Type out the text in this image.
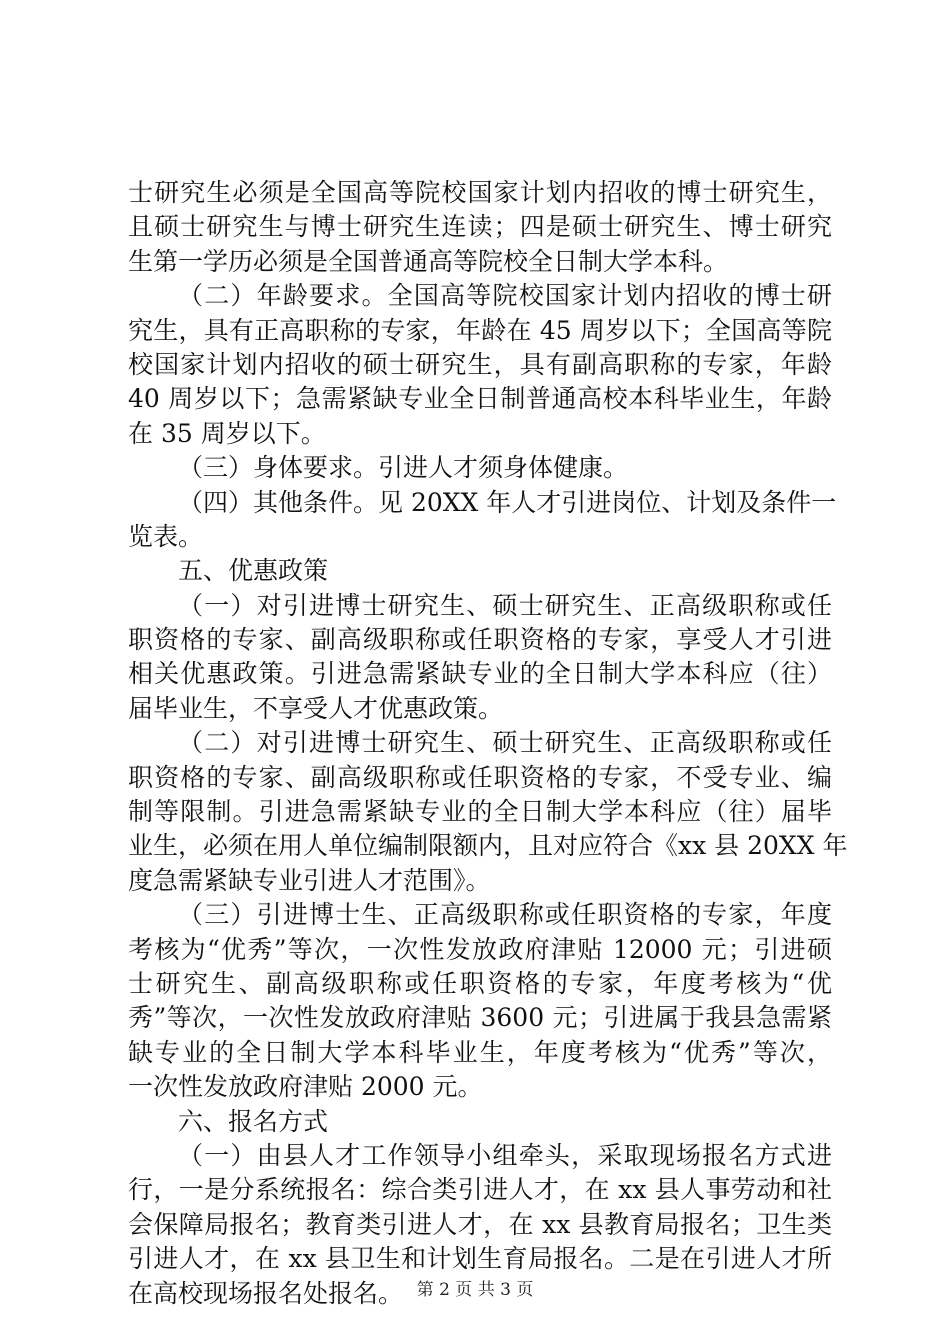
士研究生必须是全国高等院校国家计划内招收的博士研究生，
且硕士研究生与博士研究生连读；四是硕士研究生、博士研究
生第一学历必须是全国普通高等院校全日制大学本科。
（二）年龄要求。全国高等院校国家计划内招收的博士研
究生，具有正高职称的专家，年龄在 45 周岁以下；全国高等院
校国家计划内招收的硕士研究生，具有副高职称的专家，年龄
40 周岁以下；急需紧缺专业全日制普通高校本科毕业生，年龄
在 35 周岁以下。
（三）身体要求。引进人才须身体健康。
（四）其他条件。见 20XX 年人才引进岗位、计划及条件一
览表。
五、优惠政策
（一）对引进博士研究生、硕士研究生、正高级职称或任
职资格的专家、副高级职称或任职资格的专家，享受人才引进
相关优惠政策。引进急需紧缺专业的全日制大学本科应（往）
届毕业生，不享受人才优惠政策。
（二）对引进博士研究生、硕士研究生、正高级职称或任
职资格的专家、副高级职称或任职资格的专家，不受专业、编
制等限制。引进急需紧缺专业的全日制大学本科应（往）届毕
业生，必须在用人单位编制限额内，且对应符合《xx 县 20XX 年
度急需紧缺专业引进人才范围》。
（三）引进博士生、正高级职称或任职资格的专家，年度
考核为“优秀”等次，一次性发放政府津贴 12000 元；引进硕
士研究生、副高级职称或任职资格的专家，年度考核为“优
秀”等次，一次性发放政府津贴 3600 元；引进属于我县急需紧
缺专业的全日制大学本科毕业生，年度考核为“优秀”等次，
一次性发放政府津贴 2000 元。
六、报名方式
（一）由县人才工作领导小组牵头，采取现场报名方式进
行，一是分系统报名：综合类引进人才，在 xx 县人事劳动和社
会保障局报名；教育类引进人才，在 xx 县教育局报名；卫生类
引进人才，在 xx 县卫生和计划生育局报名。二是在引进人才所
在高校现场报名处报名。 第 2 页 共 3 页
